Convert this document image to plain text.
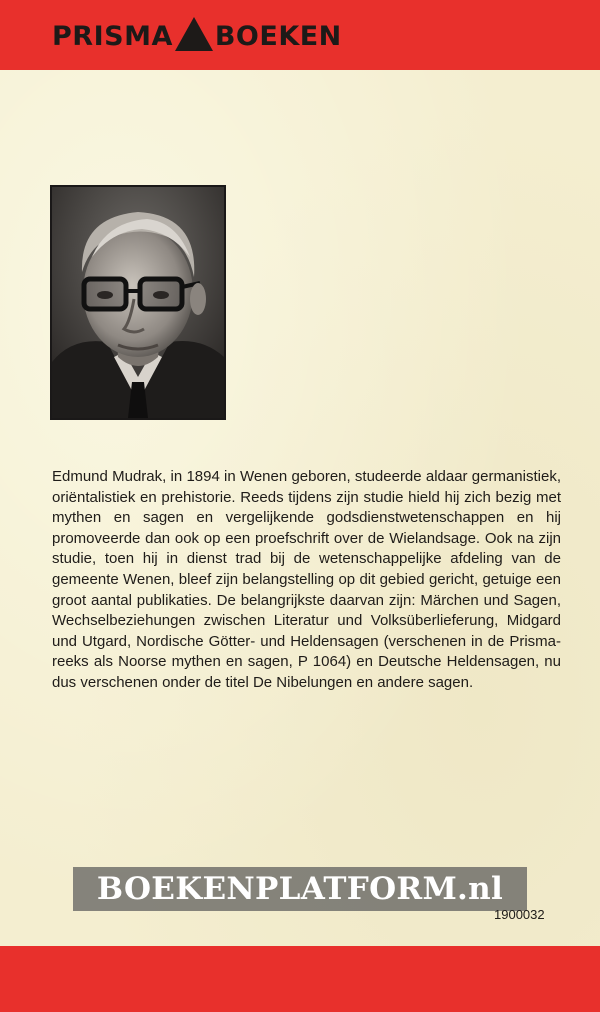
PRISMA BOEKEN

Edmund Mudrak, in 1894 in Wenen geboren, studeerde aldaar germanistiek, oriëntalistiek en prehistorie. Reeds tijdens zijn studie hield hij zich bezig met mythen en sagen en vergelijkende godsdienstwetenschappen en hij promoveerde dan ook op een proefschrift over de Wielandsage. Ook na zijn studie, toen hij in dienst trad bij de wetenschappelijke afdeling van de gemeente Wenen, bleef zijn belangstelling op dit gebied gericht, getuige een groot aantal publikaties. De belangrijkste daarvan zijn: Märchen und Sagen, Wechselbeziehungen zwischen Literatur und Volksüberlieferung, Midgard und Utgard, Nordische Götter- und Heldensagen (verschenen in de Prisma-reeks als Noorse mythen en sagen, P 1064) en Deutsche Heldensagen, nu dus verschenen onder de titel De Nibelungen en andere sagen.

BOEKENPLATFORM.nl
1900032
